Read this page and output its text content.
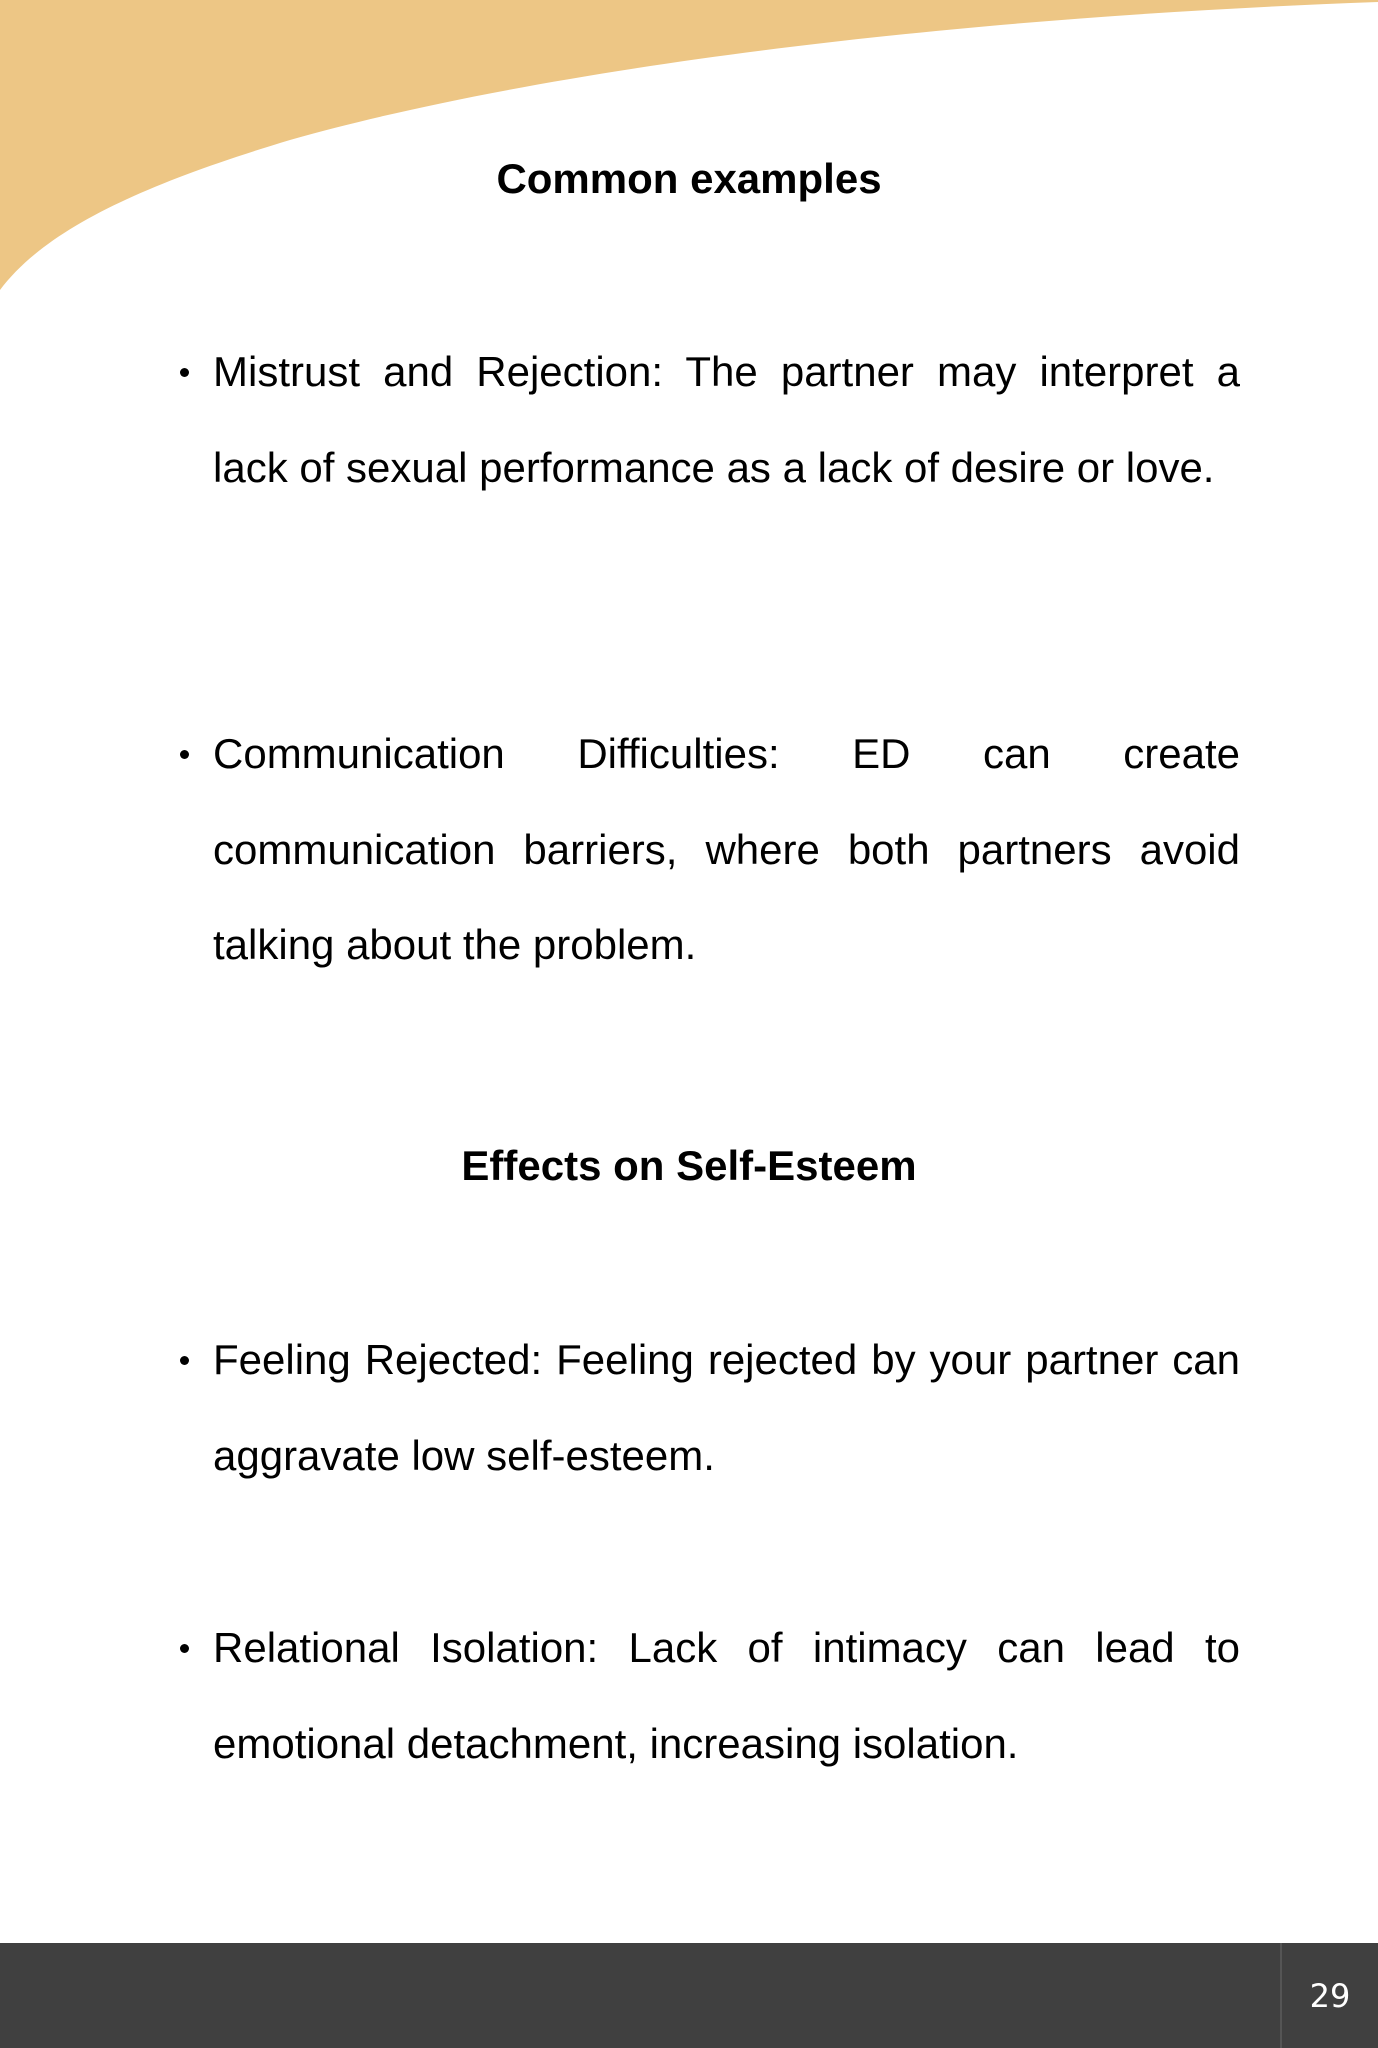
Common examples

Mistrust and Rejection: The partner may interpret a lack of sexual performance as a lack of desire or love.

Communication Difficulties: ED can create communication barriers, where both partners avoid talking about the problem.

Effects on Self-Esteem

Feeling Rejected: Feeling rejected by your partner can aggravate low self-esteem.

Relational Isolation: Lack of intimacy can lead to emotional detachment, increasing isolation.

29
